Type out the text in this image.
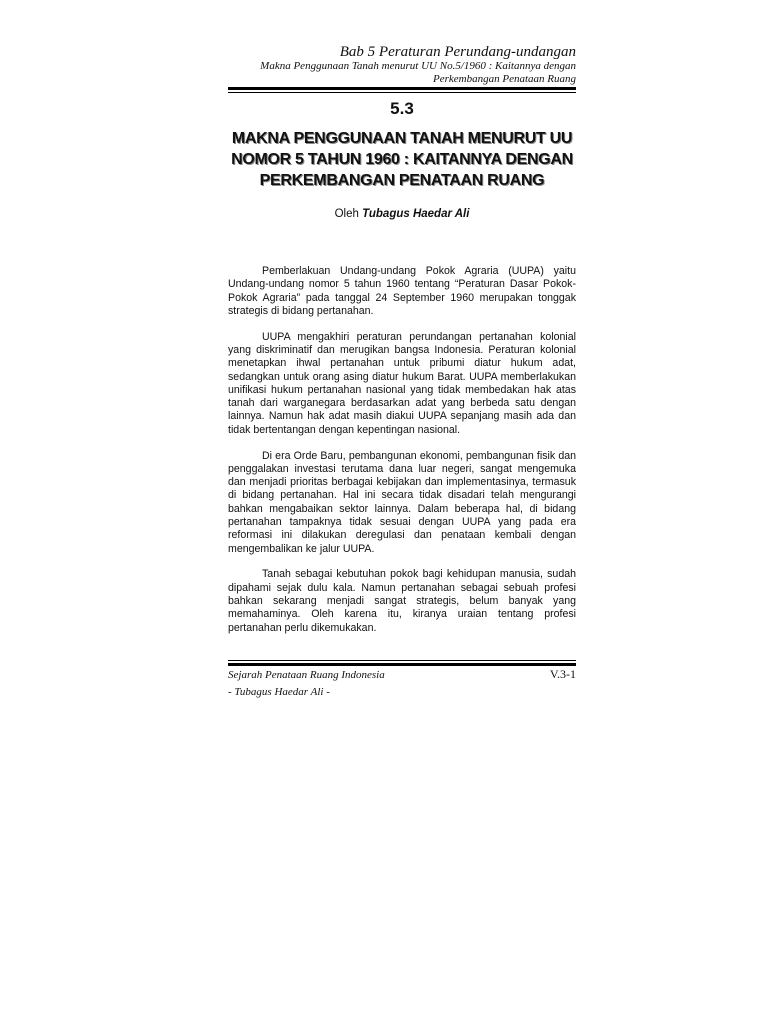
Bab 5 Peraturan Perundang-undangan
Makna Penggunaan Tanah menurut UU No.5/1960 : Kaitannya dengan Perkembangan Penataan Ruang
5.3
MAKNA PENGGUNAAN TANAH MENURUT UU NOMOR 5 TAHUN 1960 : KAITANNYA DENGAN PERKEMBANGAN PENATAAN RUANG
Oleh Tubagus Haedar Ali

Pemberlakuan Undang-undang Pokok Agraria (UUPA) yaitu Undang-undang nomor 5 tahun 1960 tentang “Peraturan Dasar Pokok-Pokok Agraria” pada tanggal 24 September 1960 merupakan tonggak strategis di bidang pertanahan.

UUPA mengakhiri peraturan perundangan pertanahan kolonial yang diskriminatif dan merugikan bangsa Indonesia. Peraturan kolonial menetapkan ihwal pertanahan untuk pribumi diatur hukum adat, sedangkan untuk orang asing diatur hukum Barat. UUPA memberlakukan unifikasi hukum pertanahan nasional yang tidak membedakan hak atas tanah dari warganegara berdasarkan adat yang berbeda satu dengan lainnya. Namun hak adat masih diakui UUPA sepanjang masih ada dan tidak bertentangan dengan kepentingan nasional.

Di era Orde Baru, pembangunan ekonomi, pembangunan fisik dan penggalakan investasi terutama dana luar negeri, sangat mengemuka dan menjadi prioritas berbagai kebijakan dan implementasinya, termasuk di bidang pertanahan. Hal ini secara tidak disadari telah mengurangi bahkan mengabaikan sektor lainnya. Dalam beberapa hal, di bidang pertanahan tampaknya tidak sesuai dengan UUPA yang pada era reformasi ini dilakukan deregulasi dan penataan kembali dengan mengembalikan ke jalur UUPA.

Tanah sebagai kebutuhan pokok bagi kehidupan manusia, sudah dipahami sejak dulu kala. Namun pertanahan sebagai sebuah profesi bahkan sekarang menjadi sangat strategis, belum banyak yang memahaminya. Oleh karena itu, kiranya uraian tentang profesi pertanahan perlu dikemukakan.

Sejarah Penataan Ruang Indonesia
- Tubagus Haedar Ali -
V.3-1
